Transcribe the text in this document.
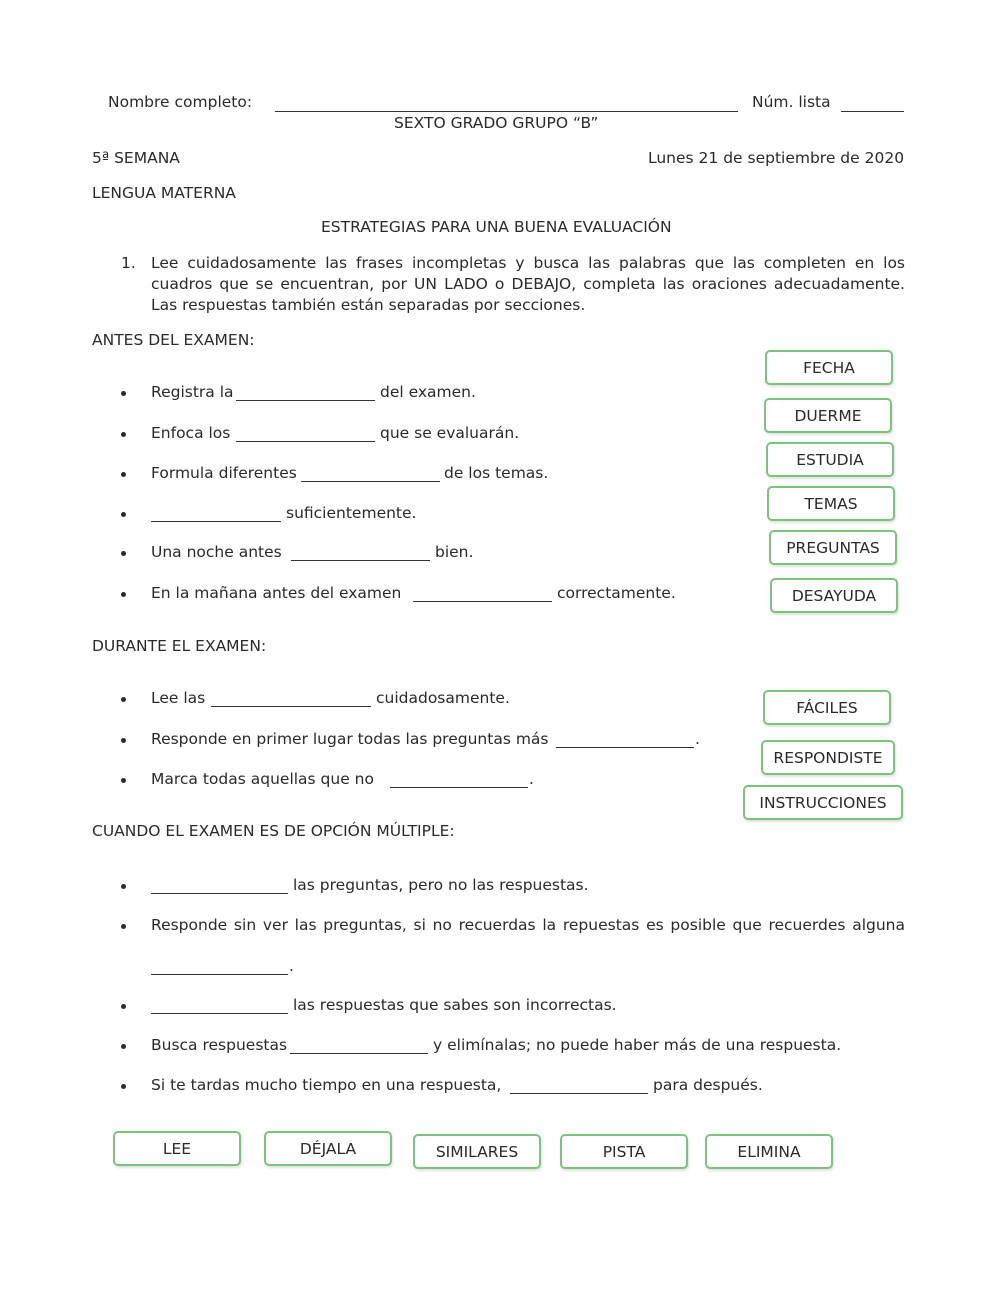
Nombre completo:	Núm. lista
SEXTO GRADO GRUPO “B”
5ª SEMANA	Lunes 21 de septiembre de 2020
LENGUA MATERNA
ESTRATEGIAS PARA UNA BUENA EVALUACIÓN
1. Lee cuidadosamente las frases incompletas y busca las palabras que las completen en los
cuadros que se encuentran, por UN LADO o DEBAJO, completa las oraciones adecuadamente.
Las respuestas también están separadas por secciones.
ANTES DEL EXAMEN:
Registra la	del examen.
Enfoca los	que se evaluarán.
Formula diferentes	de los temas.
suficientemente.
Una noche antes	bien.
En la mañana antes del examen	correctamente.
FECHA
DUERME
ESTUDIA
TEMAS
PREGUNTAS
DESAYUDA
DURANTE EL EXAMEN:
Lee las	cuidadosamente.
Responde en primer lugar todas las preguntas más	.
Marca todas aquellas que no	.
FÁCILES
RESPONDISTE
INSTRUCCIONES
CUANDO EL EXAMEN ES DE OPCIÓN MÚLTIPLE:
las preguntas, pero no las respuestas.
Responde sin ver las preguntas, si no recuerdas la repuestas es posible que recuerdes alguna
.
las respuestas que sabes son incorrectas.
Busca respuestas	y elimínalas; no puede haber más de una respuesta.
Si te tardas mucho tiempo en una respuesta,	para después.
LEE	DÉJALA	SIMILARES	PISTA	ELIMINA
